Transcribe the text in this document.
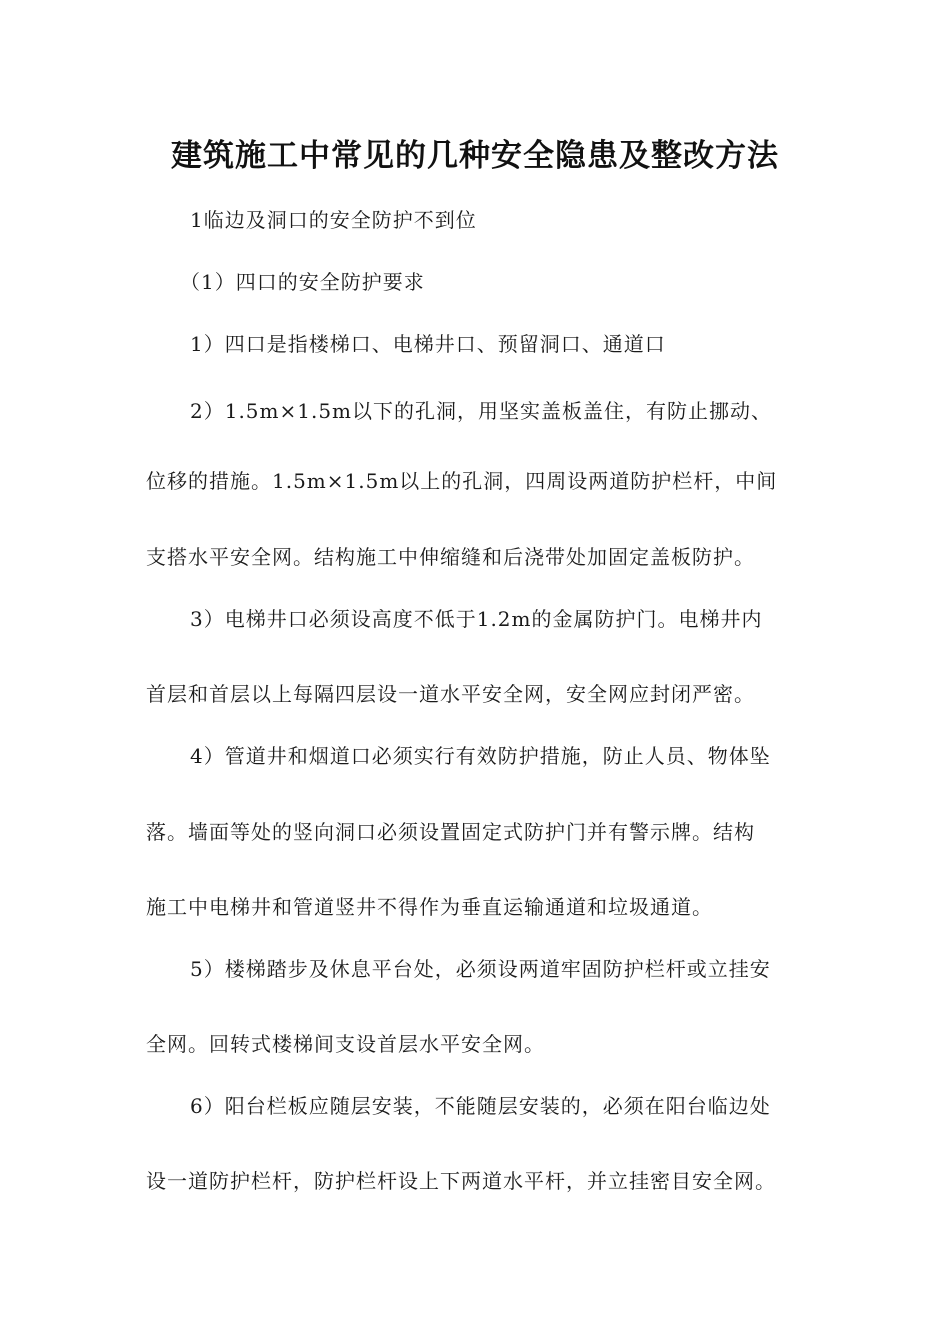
建筑施工中常见的几种安全隐患及整改方法
1临边及洞口的安全防护不到位
（1）四口的安全防护要求
1）四口是指楼梯口、电梯井口、预留洞口、通道口
2）1.5m×1.5m以下的孔洞，用坚实盖板盖住，有防止挪动、
位移的措施。1.5m×1.5m以上的孔洞，四周设两道防护栏杆，中间
支搭水平安全网。结构施工中伸缩缝和后浇带处加固定盖板防护。
3）电梯井口必须设高度不低于1.2m的金属防护门。电梯井内
首层和首层以上每隔四层设一道水平安全网，安全网应封闭严密。
4）管道井和烟道口必须实行有效防护措施，防止人员、物体坠
落。墙面等处的竖向洞口必须设置固定式防护门并有警示牌。结构
施工中电梯井和管道竖井不得作为垂直运输通道和垃圾通道。
5）楼梯踏步及休息平台处，必须设两道牢固防护栏杆或立挂安
全网。回转式楼梯间支设首层水平安全网。
6）阳台栏板应随层安装，不能随层安装的，必须在阳台临边处
设一道防护栏杆，防护栏杆设上下两道水平杆，并立挂密目安全网。
